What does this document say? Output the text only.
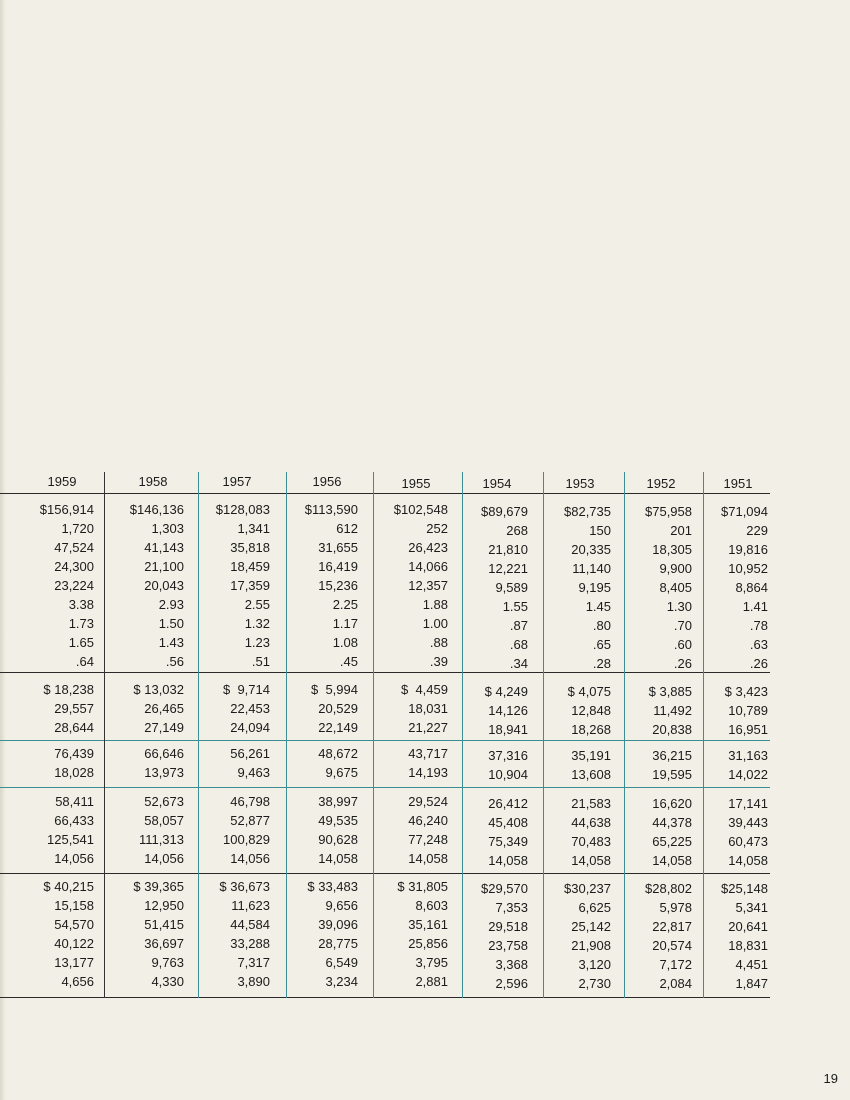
1959	1958	1957	1956	1955	1954	1953	1952	1951
$156,914	$146,136	$128,083	$113,590	$102,548	$89,679	$82,735	$75,958	$71,094
1,720	1,303	1,341	612	252	268	150	201	229
47,524	41,143	35,818	31,655	26,423	21,810	20,335	18,305	19,816
24,300	21,100	18,459	16,419	14,066	12,221	11,140	9,900	10,952
23,224	20,043	17,359	15,236	12,357	9,589	9,195	8,405	8,864
3.38	2.93	2.55	2.25	1.88	1.55	1.45	1.30	1.41
1.73	1.50	1.32	1.17	1.00	.87	.80	.70	.78
1.65	1.43	1.23	1.08	.88	.68	.65	.60	.63
.64	.56	.51	.45	.39	.34	.28	.26	.26
$ 18,238	$ 13,032	$  9,714	$  5,994	$  4,459	$ 4,249	$ 4,075	$ 3,885	$ 3,423
29,557	26,465	22,453	20,529	18,031	14,126	12,848	11,492	10,789
28,644	27,149	24,094	22,149	21,227	18,941	18,268	20,838	16,951
76,439	66,646	56,261	48,672	43,717	37,316	35,191	36,215	31,163
18,028	13,973	9,463	9,675	14,193	10,904	13,608	19,595	14,022
58,411	52,673	46,798	38,997	29,524	26,412	21,583	16,620	17,141
66,433	58,057	52,877	49,535	46,240	45,408	44,638	44,378	39,443
125,541	111,313	100,829	90,628	77,248	75,349	70,483	65,225	60,473
14,056	14,056	14,056	14,058	14,058	14,058	14,058	14,058	14,058
$ 40,215	$ 39,365	$ 36,673	$ 33,483	$ 31,805	$29,570	$30,237	$28,802	$25,148
15,158	12,950	11,623	9,656	8,603	7,353	6,625	5,978	5,341
54,570	51,415	44,584	39,096	35,161	29,518	25,142	22,817	20,641
40,122	36,697	33,288	28,775	25,856	23,758	21,908	20,574	18,831
13,177	9,763	7,317	6,549	3,795	3,368	3,120	7,172	4,451
4,656	4,330	3,890	3,234	2,881	2,596	2,730	2,084	1,847
19
